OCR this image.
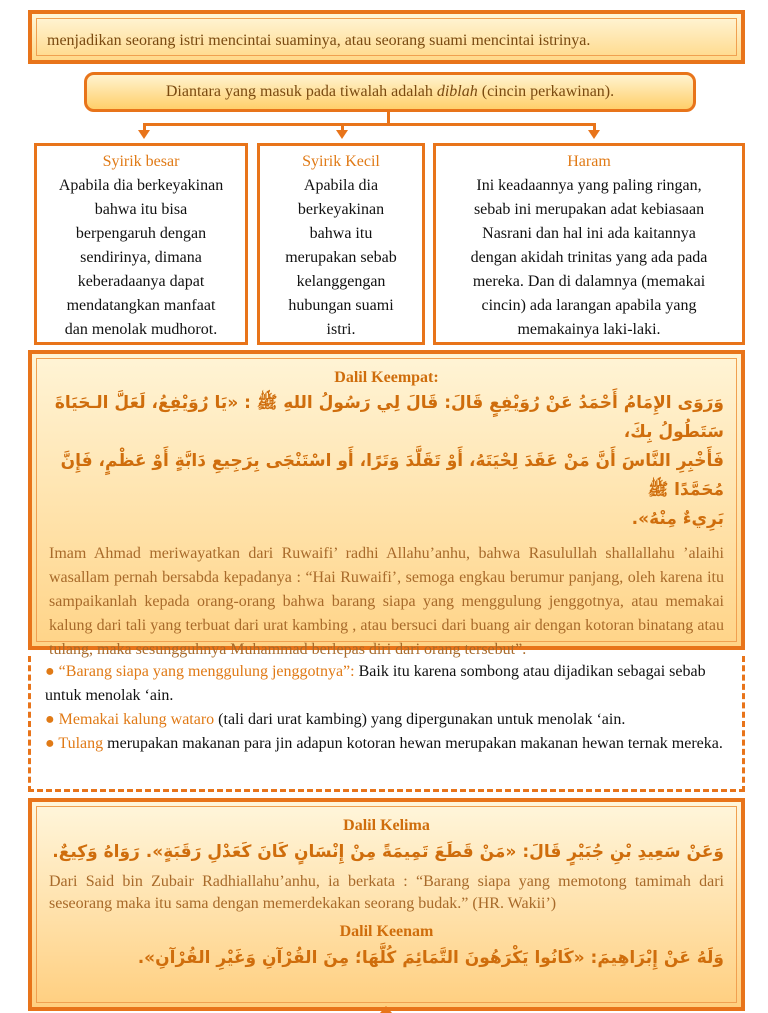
menjadikan seorang istri mencintai suaminya, atau seorang suami mencintai istrinya.
Diantara yang masuk pada tiwalah adalah diblah (cincin perkawinan).
Syirik besar
Apabila dia berkeyakinan
bahwa itu bisa
berpengaruh dengan
sendirinya, dimana
keberadaanya dapat
mendatangkan manfaat
dan menolak mudhorot.
Syirik Kecil
Apabila dia
berkeyakinan
bahwa itu
merupakan sebab
kelanggengan
hubungan suami
istri.
Haram
Ini keadaannya yang paling ringan,
sebab ini merupakan adat kebiasaan
Nasrani dan hal ini ada kaitannya
dengan akidah trinitas yang ada pada
mereka. Dan di dalamnya (memakai
cincin) ada larangan apabila yang
memakainya laki-laki.
Dalil Keempat:
وَرَوَى الإِمَامُ أَحْمَدُ عَنْ رُوَيْفِعٍ قَالَ: قَالَ لِي رَسُولُ اللهِ ﷺ : «يَا رُوَيْفِعُ، لَعَلَّ الـحَيَاةَ سَتَطُولُ بِكَ،
فَأَخْبِرِ النَّاسَ أَنَّ مَنْ عَقَدَ لِحْيَتَهُ، أَوْ تَقَلَّدَ وَتَرًا، أَو اسْتَنْجَى بِرَجِيعِ دَابَّةٍ أَوْ عَظْمٍ، فَإِنَّ مُحَمَّدًا ﷺ
بَرِيءٌ مِنْهُ».
Imam Ahmad meriwayatkan dari Ruwaifi’ radhi Allahu’anhu, bahwa Rasulullah shallallahu ’alaihi wasallam pernah bersabda kepadanya : “Hai Ruwaifi’, semoga engkau berumur panjang, oleh karena itu sampaikanlah kepada orang-orang bahwa barang siapa yang menggulung jenggotnya, atau memakai kalung dari tali yang terbuat dari urat kambing , atau bersuci dari buang air dengan kotoran binatang atau tulang, maka sesungguhnya Muhammad berlepas diri dari orang tersebut”.

● “Barang siapa yang menggulung jenggotnya”: Baik itu karena sombong atau dijadikan sebagai sebab untuk menolak ‘ain.

● Memakai kalung wataro (tali dari urat kambing) yang dipergunakan untuk menolak ‘ain.

● Tulang merupakan makanan para jin adapun kotoran hewan merupakan makanan hewan ternak mereka.

Dalil Kelima
وَعَنْ سَعِيدِ بْنِ جُبَيْرٍ قَالَ: «مَنْ قَطَعَ تَمِيمَةً مِنْ إِنْسَانٍ كَانَ كَعَدْلِ رَقَبَةٍ». رَوَاهُ وَكِيعٌ.
Dari Said bin Zubair Radhiallahu’anhu, ia berkata : “Barang siapa yang memotong tamimah dari seseorang maka itu sama dengan memerdekakan seorang budak.” (HR. Wakii’)
Dalil Keenam
وَلَهُ عَنْ إِبْرَاهِيمَ: «كَانُوا يَكْرَهُونَ التَّمَائِمَ كُلَّهَا؛ مِنَ القُرْآنِ وَغَيْرِ القُرْآنِ».
